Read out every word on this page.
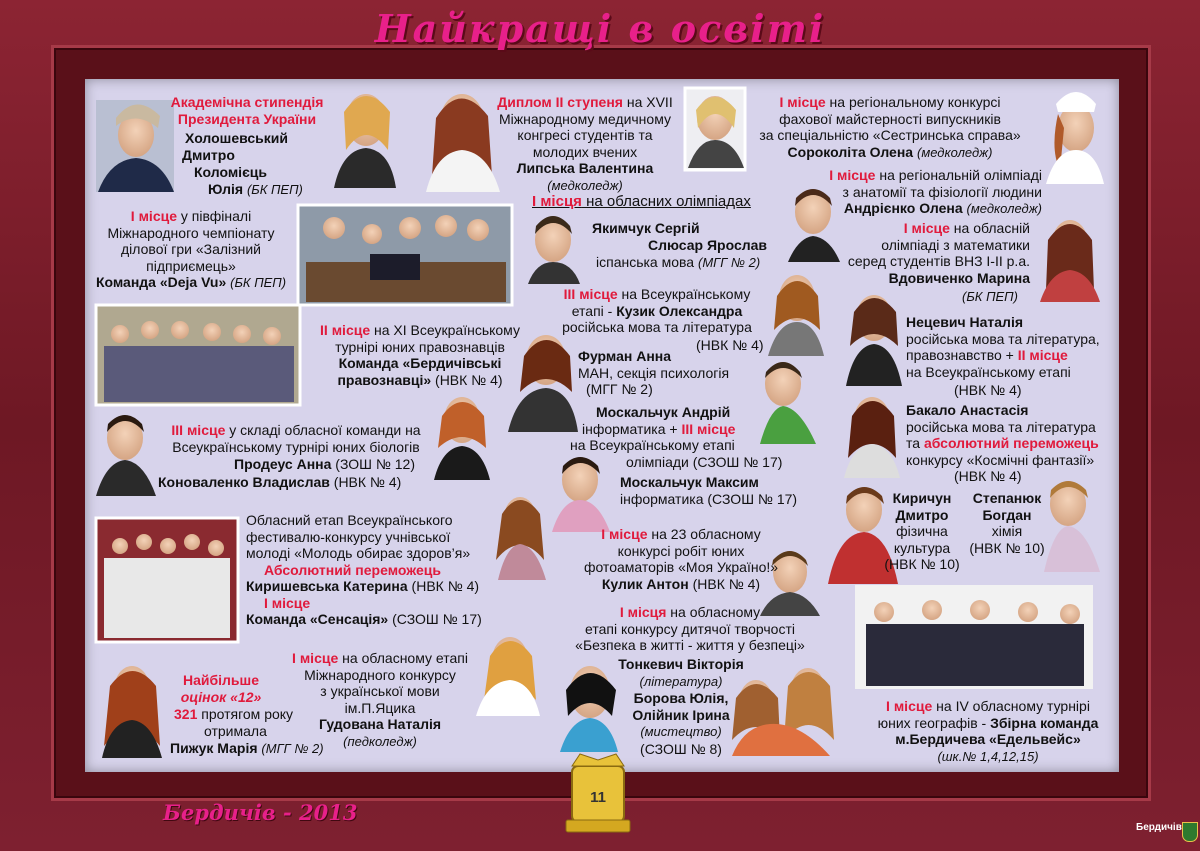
Найкращі в освіті
11
Академічна стипендія Президента України
Холошевський
Дмитро
Коломієць
Юлія (БК ПЕП)
Диплом ІІ ступеня на XVII
Міжнародному медичному
конгресі студентів та
молодих вчених
Липська Валентина
(медколедж)
І місце на регіональному конкурсі
фахової майстерності випускників
за спеціальністю «Сестринська справа»
Сороколіта Олена (медколедж)
І місце на регіональній олімпіаді
з анатомії та фізіології людини
Андрієнко Олена (медколедж)
І місце у півфіналі
Міжнародного чемпіонату
ділової гри «Залізний
підприємець»
Команда «Deja Vu» (БК ПЕП)
І місця на обласних олімпіадах
Якимчук Сергій
Слюсар Ярослав
іспанська мова (МГГ № 2)
І місце на обласній
олімпіаді з математики
серед студентів ВНЗ І-ІІ р.а.
Вдовиченко Марина
(БК ПЕП)
ІІІ місце на Всеукраїнському
етапі - Кузик Олександра
російська мова та література
(НВК № 4)
Нецевич Наталія
російська мова та література,
правознавство + ІІ місце
на Всеукраїнському етапі
(НВК № 4)
ІІ місце на ХІ Всеукраїнському
турнірі юних правознавців
Команда «Бердичівські
правознавці» (НВК № 4)
Фурман Анна
МАН, секція психологія
(МГГ № 2)
Москальчук Андрій
інформатика + ІІІ місце
на Всеукраїнському етапі
олімпіади (СЗОШ № 17)
Бакало Анастасія
російська мова та література
та абсолютний переможець
конкурсу «Космічні фантазії»
(НВК № 4)
ІІІ місце у складі обласної команди на
Всеукраїнському турнірі юних біологів
Продеус Анна (ЗОШ № 12)
Коноваленко Владислав (НВК № 4)	Москальчук Максим
інформатика (СЗОШ № 17)	Киричун
Дмитро
фізична
культура
(НВК № 10)
Степанюк
Богдан
хімія
(НВК № 10)
Обласний етап Всеукраїнського
фестивалю-конкурсу учнівської
молоді «Молодь обирає здоров’я»
Абсолютний переможець
Киришевська Катерина (НВК № 4)
І місце
Команда «Сенсація» (СЗОШ № 17)
І місце на 23 обласному
конкурсі робіт юних
фотоаматорів «Моя Україно!»
Кулик Антон (НВК № 4)
І місця на обласному
етапі конкурсу дитячої творчості
«Безпека в житті - життя у безпеці»
Тонкевич Вікторія
(література)
Борова Юлія,
Олійник Ірина
(мистецтво)
(СЗОШ № 8)
Найбільше
оцінок «12»
321 протягом року
отримала
Пижук Марія (МГГ № 2)
І місце на обласному етапі
Міжнародного конкурсу
з української мови
ім.П.Яцика
Гудована Наталія
(педколедж)
І місце на IV обласному турнірі
юних географів - Збірна команда
м.Бердичева «Едельвейс»
(шк.№ 1,4,12,15)
Бердичів - 2013
Бердичів
